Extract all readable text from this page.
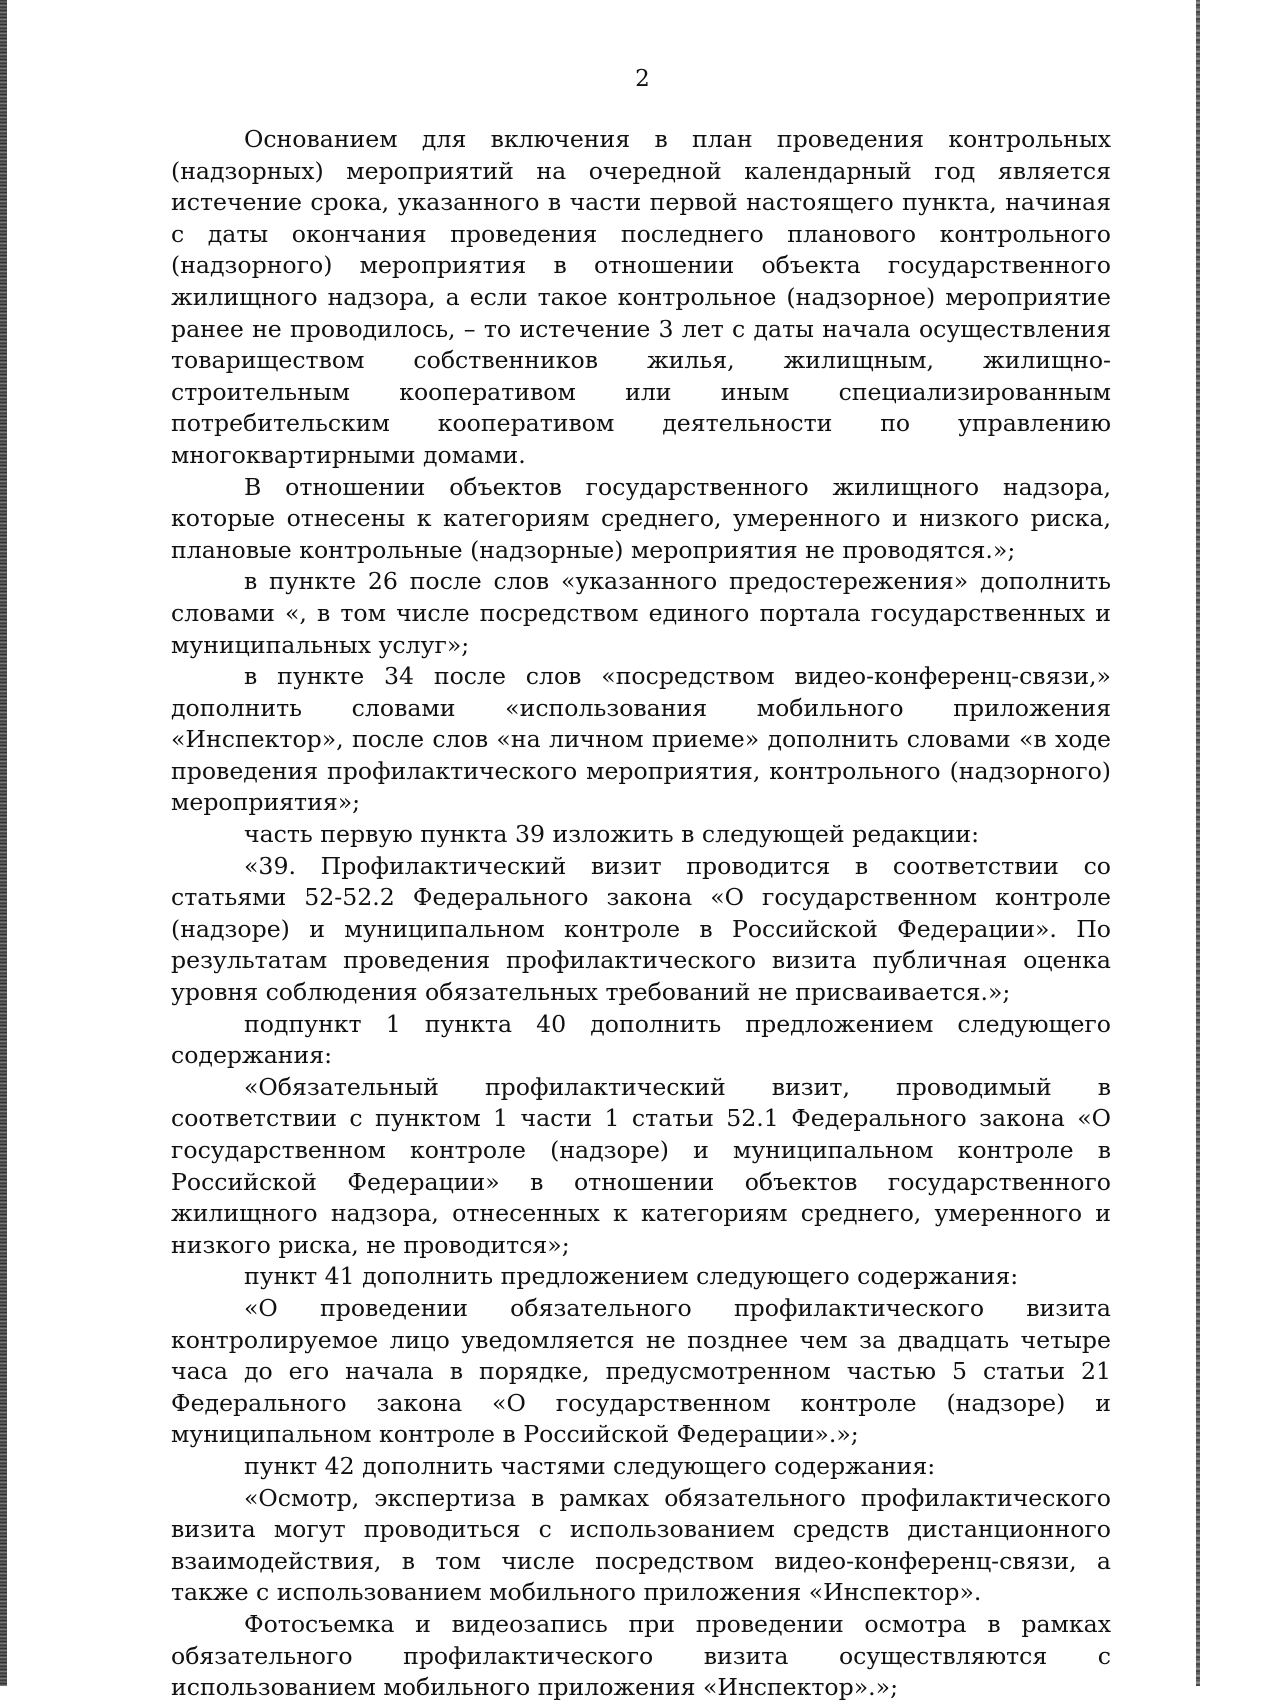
2

Основанием для включения в план проведения контрольных (надзорных) мероприятий на очередной календарный год является истечение срока, указанного в части первой настоящего пункта, начиная с даты окончания проведения последнего планового контрольного (надзорного) мероприятия в отношении объекта государственного жилищного надзора, а если такое контрольное (надзорное) мероприятие ранее не проводилось, – то истечение 3 лет с даты начала осуществления товариществом собственников жилья, жилищным, жилищно-строительным кооперативом или иным специализированным потребительским кооперативом деятельности по управлению многоквартирными домами.

В отношении объектов государственного жилищного надзора, которые отнесены к категориям среднего, умеренного и низкого риска, плановые контрольные (надзорные) мероприятия не проводятся.»;

в пункте 26 после слов «указанного предостережения» дополнить словами «, в том числе посредством единого портала государственных и муниципальных услуг»;

в пункте 34 после слов «посредством видео-конференц-связи,» дополнить словами «использования мобильного приложения «Инспектор», после слов «на личном приеме» дополнить словами «в ходе проведения профилактического мероприятия, контрольного (надзорного) мероприятия»;

часть первую пункта 39 изложить в следующей редакции:

«39. Профилактический визит проводится в соответствии со статьями 52-52.2 Федерального закона «О государственном контроле (надзоре) и муниципальном контроле в Российской Федерации». По результатам проведения профилактического визита публичная оценка уровня соблюдения обязательных требований не присваивается.»;

подпункт 1 пункта 40 дополнить предложением следующего содержания:

«Обязательный профилактический визит, проводимый в соответствии с пунктом 1 части 1 статьи 52.1 Федерального закона «О государственном контроле (надзоре) и муниципальном контроле в Российской Федерации» в отношении объектов государственного жилищного надзора, отнесенных к категориям среднего, умеренного и низкого риска, не проводится»;

пункт 41 дополнить предложением следующего содержания:

«О проведении обязательного профилактического визита контролируемое лицо уведомляется не позднее чем за двадцать четыре часа до его начала в порядке, предусмотренном частью 5 статьи 21 Федерального закона «О государственном контроле (надзоре) и муниципальном контроле в Российской Федерации».»;

пункт 42 дополнить частями следующего содержания:

«Осмотр, экспертиза в рамках обязательного профилактического визита могут проводиться с использованием средств дистанционного взаимодействия, в том числе посредством видео-конференц-связи, а также с использованием мобильного приложения «Инспектор».

Фотосъемка и видеозапись при проведении осмотра в рамках обязательного профилактического визита осуществляются с использованием мобильного приложения «Инспектор».»;
